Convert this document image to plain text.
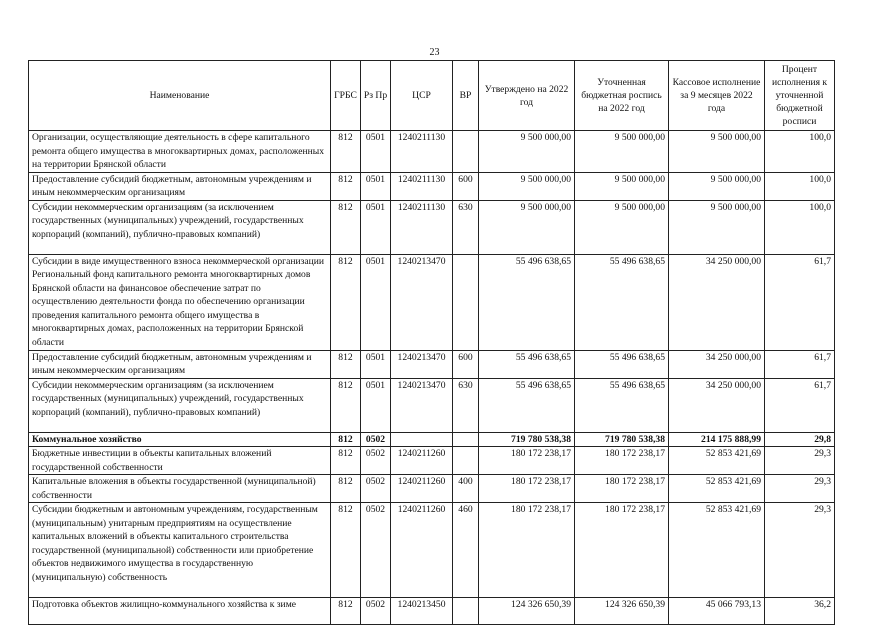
23
Наименование	ГРБС	Рз Пр	ЦСР	ВР	Утверждено на 2022 год	Уточненная бюджетная роспись на 2022 год	Кассовое исполнение за 9 месяцев 2022 года	Процент исполнения к уточненной бюджетной росписи
Организации, осуществляющие деятельность в сфере капитального ремонта общего имущества в многоквартирных домах, расположенных на территории Брянской области	812	0501	1240211130		9 500 000,00	9 500 000,00	9 500 000,00	100,0
Предоставление субсидий бюджетным, автономным учреждениям и иным некоммерческим организациям	812	0501	1240211130	600	9 500 000,00	9 500 000,00	9 500 000,00	100,0
Субсидии некоммерческим организациям (за исключением государственных (муниципальных) учреждений, государственных корпораций (компаний), публично-правовых компаний)	812	0501	1240211130	630	9 500 000,00	9 500 000,00	9 500 000,00	100,0
Субсидии в виде имущественного взноса некоммерческой организации Региональный фонд капитального ремонта многоквартирных домов Брянской области на финансовое обеспечение затрат по осуществлению деятельности фонда по обеспечению организации проведения капитального ремонта общего имущества в многоквартирных домах, расположенных на территории Брянской области	812	0501	1240213470		55 496 638,65	55 496 638,65	34 250 000,00	61,7
Предоставление субсидий бюджетным, автономным учреждениям и иным некоммерческим организациям	812	0501	1240213470	600	55 496 638,65	55 496 638,65	34 250 000,00	61,7
Субсидии некоммерческим организациям (за исключением государственных (муниципальных) учреждений, государственных корпораций (компаний), публично-правовых компаний)	812	0501	1240213470	630	55 496 638,65	55 496 638,65	34 250 000,00	61,7
Коммунальное хозяйство	812	0502			719 780 538,38	719 780 538,38	214 175 888,99	29,8
Бюджетные инвестиции в объекты капитальных вложений государственной собственности	812	0502	1240211260		180 172 238,17	180 172 238,17	52 853 421,69	29,3
Капитальные вложения в объекты государственной (муниципальной) собственности	812	0502	1240211260	400	180 172 238,17	180 172 238,17	52 853 421,69	29,3
Субсидии бюджетным и автономным учреждениям, государственным (муниципальным) унитарным предприятиям на осуществление капитальных вложений в объекты капитального строительства государственной (муниципальной) собственности или приобретение объектов недвижимого имущества в государственную (муниципальную) собственность	812	0502	1240211260	460	180 172 238,17	180 172 238,17	52 853 421,69	29,3
Подготовка объектов жилищно-коммунального хозяйства к зиме	812	0502	1240213450		124 326 650,39	124 326 650,39	45 066 793,13	36,2
